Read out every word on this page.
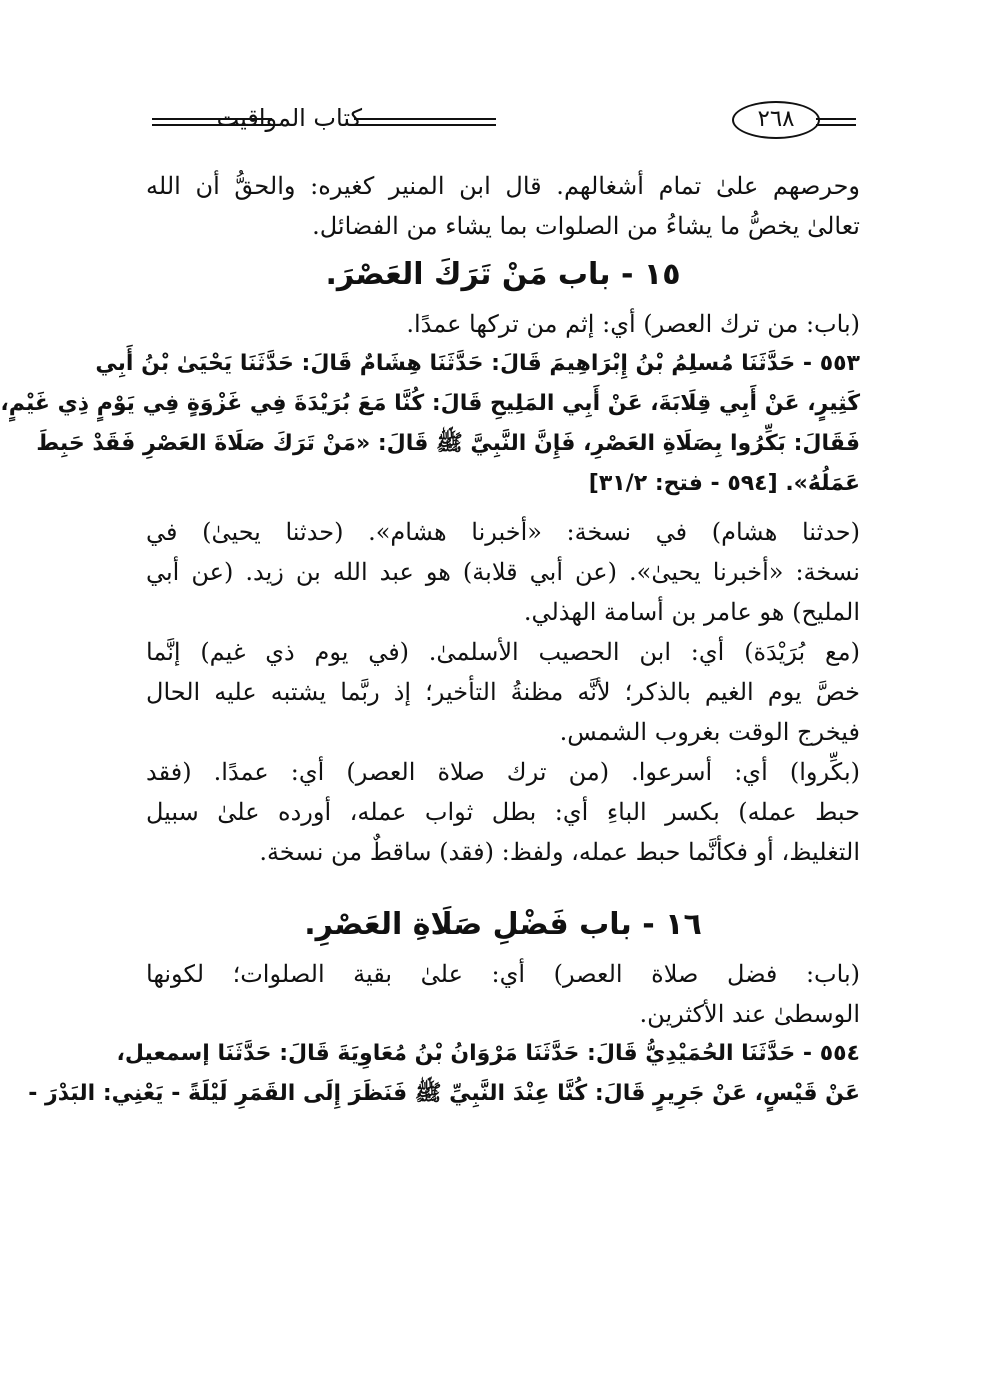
كتاب المواقيت	٢٦٨
وحرصهم علىٰ تمام أشغالهم. قال ابن المنير كغيره: والحقُّ أن الله
تعالىٰ يخصُّ ما يشاءُ من الصلوات بما يشاء من الفضائل.
١٥ - باب مَنْ تَرَكَ العَصْرَ.
(باب: من ترك العصر) أي: إثم من تركها عمدًا.
٥٥٣ - حَدَّثَنَا مُسلِمُ بْنُ إِبْرَاهِيمَ قَالَ: حَدَّثَنَا هِشَامٌ قَالَ: حَدَّثَنَا يَحْيَىٰ بْنُ أَبِي
كَثِيرٍ، عَنْ أَبِي قِلَابَةَ، عَنْ أَبِي المَلِيحِ قَالَ: كُنَّا مَعَ بُرَيْدَةَ فِي غَزْوَةٍ فِي يَوْمٍ ذِي غَيْمٍ،
فَقَالَ: بَكِّرُوا بِصَلَاةِ العَصْرِ، فَإِنَّ النَّبِيَّ ﷺ قَالَ: «مَنْ تَرَكَ صَلَاةَ العَصْرِ فَقَدْ حَبِطَ
عَمَلُهُ». [٥٩٤ - فتح: ٣١/٢]
(حدثنا هشام) في نسخة: «أخبرنا هشام». (حدثنا يحيىٰ) في
نسخة: «أخبرنا يحيىٰ». (عن أبي قلابة) هو عبد الله بن زيد. (عن أبي
المليح) هو عامر بن أسامة الهذلي.
(مع بُرَيْدَة) أي: ابن الحصيب الأسلمىٰ. (في يوم ذي غيم) إنَّما
خصَّ يوم الغيم بالذكر؛ لأنَّه مظنةُ التأخير؛ إذ ربَّما يشتبه عليه الحال
فيخرج الوقت بغروب الشمس.
(بكِّروا) أي: أسرعوا. (من ترك صلاة العصر) أي: عمدًا. (فقد
حبط عمله) بكسر الباءِ أي: بطل ثواب عمله، أورده علىٰ سبيل
التغليظ، أو فكأنَّما حبط عمله، ولفظ: (فقد) ساقطٌ من نسخة.
١٦ - باب فَضْلِ صَلَاةِ العَصْرِ.
(باب: فضل صلاة العصر) أي: علىٰ بقية الصلوات؛ لكونها
الوسطىٰ عند الأكثرين.
٥٥٤ - حَدَّثَنَا الحُمَيْدِيُّ قَالَ: حَدَّثَنَا مَرْوَانُ بْنُ مُعَاوِيَةَ قَالَ: حَدَّثَنَا إسمعيل،
عَنْ قَيْسٍ، عَنْ جَرِيرٍ قَالَ: كُنَّا عِنْدَ النَّبِيِّ ﷺ فَنَظَرَ إِلَى القَمَرِ لَيْلَةً - يَعْنِي: البَدْرَ -
